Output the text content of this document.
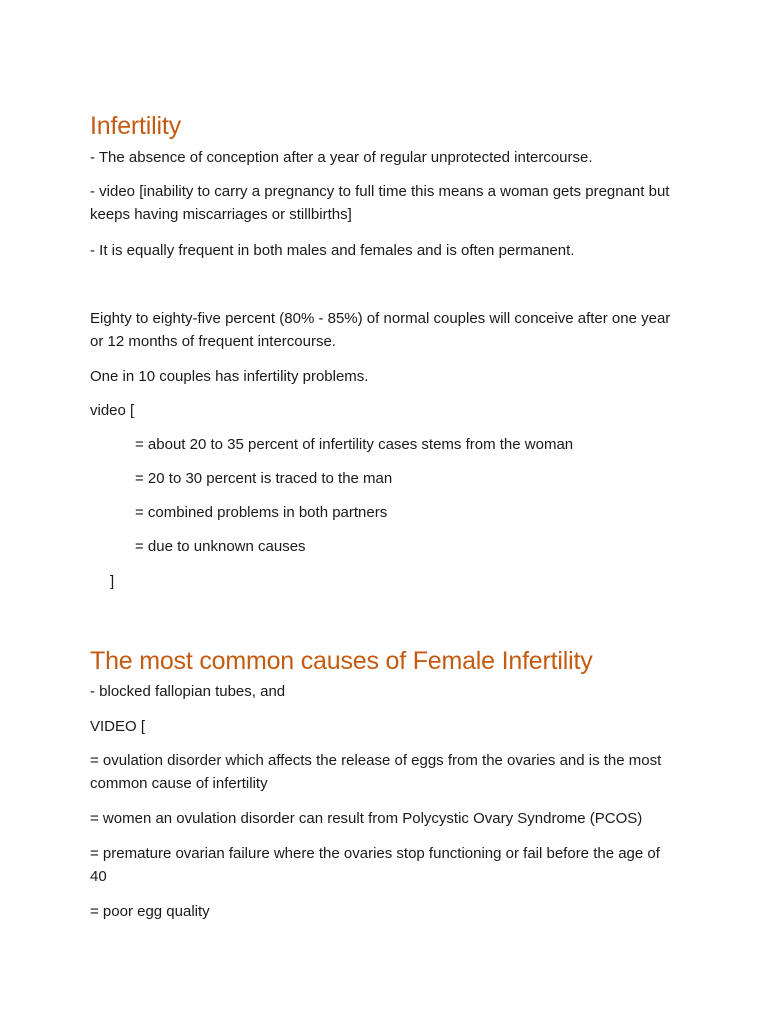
Infertility

- The absence of conception after a year of regular unprotected intercourse.

- video [inability to carry a pregnancy to full time this means a woman gets pregnant but keeps having miscarriages or stillbirths]

- It is equally frequent in both males and females and is often permanent.

Eighty to eighty-five percent (80% - 85%) of normal couples will conceive after one year or 12 months of frequent intercourse.

One in 10 couples has infertility problems.

video [

= about 20 to 35 percent of infertility cases stems from the woman

= 20 to 30 percent is traced to the man

= combined problems in both partners

= due to unknown causes

]

The most common causes of Female Infertility

- blocked fallopian tubes, and

VIDEO [

= ovulation disorder which affects the release of eggs from the ovaries and is the most common cause of infertility

= women an ovulation disorder can result from Polycystic Ovary Syndrome (PCOS)

= premature ovarian failure where the ovaries stop functioning or fail before the age of 40

= poor egg quality
